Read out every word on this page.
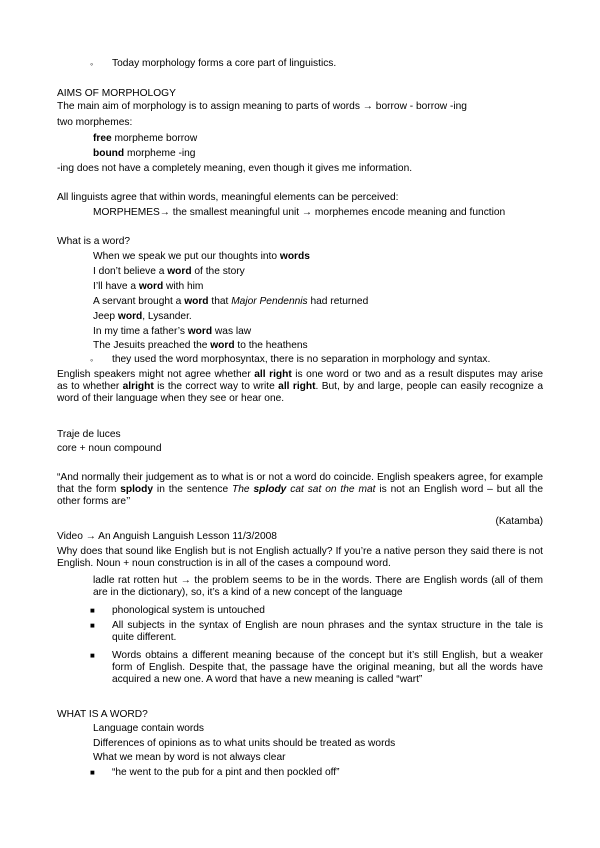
◦ Today morphology forms a core part of linguistics.
AIMS OF MORPHOLOGY
The main aim of morphology is to assign meaning to parts of words → borrow - borrow -ing
two morphemes:
free morpheme borrow
bound morpheme -ing
-ing does not have a completely meaning, even though it gives me information.
All linguists agree that within words, meaningful elements can be perceived:
MORPHEMES→ the smallest meaningful unit → morphemes encode meaning and function
What is a word?
When we speak we put our thoughts into words
I don’t believe a word of the story
I’ll have a word with him
A servant brought a word that Major Pendennis had returned
Jeep word, Lysander.
In my time a father’s word was law
The Jesuits preached the word to the heathens
◦ they used the word morphosyntax, there is no separation in morphology and syntax.
English speakers might not agree whether all right is one word or two and as a result disputes may arise as to whether alright is the correct way to write all right. But, by and large, people can easily recognize a word of their language when they see or hear one.
Traje de luces
core + noun compound
“And normally their judgement as to what is or not a word do coincide. English speakers agree, for example that the form splody in the sentence The splody cat sat on the mat is not an English word – but all the other forms are’’
(Katamba)
Video → An Anguish Languish Lesson 11/3/2008
Why does that sound like English but is not English actually? If you’re a native person they said there is not English. Noun + noun construction is in all of the cases a compound word.
ladle rat rotten hut → the problem seems to be in the words. There are English words (all of them are in the dictionary), so, it’s a kind of a new concept of the language
■ phonological system is untouched
■ All subjects in the syntax of English are noun phrases and the syntax structure in the tale is quite different.
■ Words obtains a different meaning because of the concept but it’s still English, but a weaker form of English. Despite that, the passage have the original meaning, but all the words have acquired a new one. A word that have a new meaning is called “wart”
WHAT IS A WORD?
Language contain words
Differences of opinions as to what units should be treated as words
What we mean by word is not always clear
■ “he went to the pub for a pint and then pockled off”
